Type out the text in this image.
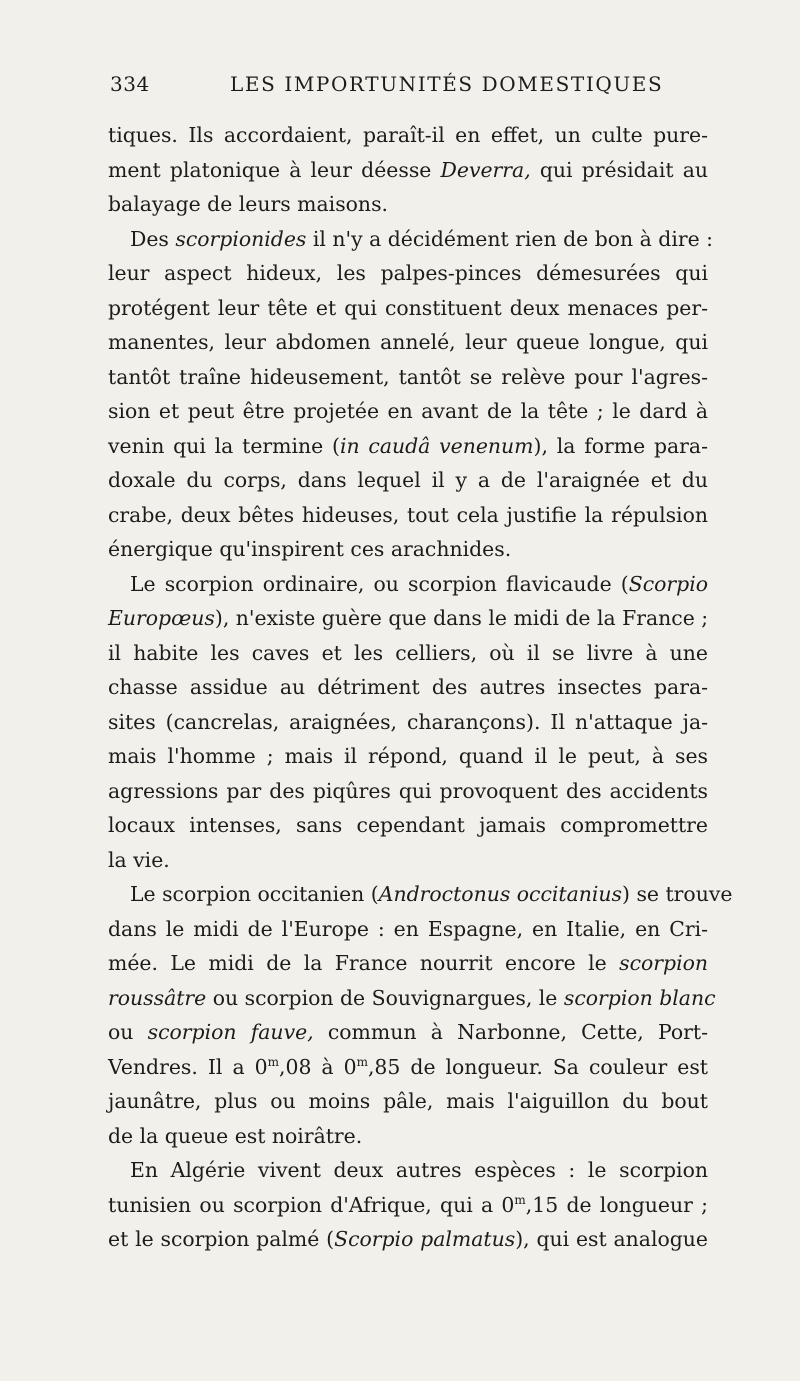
334	LES IMPORTUNITÉS DOMESTIQUES
tiques. Ils accordaient, paraît-il en effet, un culte pure-
ment platonique à leur déesse Deverra, qui présidait au
balayage de leurs maisons.
Des scorpionides il n'y a décidément rien de bon à dire :
leur aspect hideux, les palpes-pinces démesurées qui
protégent leur tête et qui constituent deux menaces per-
manentes, leur abdomen annelé, leur queue longue, qui
tantôt traîne hideusement, tantôt se relève pour l'agres-
sion et peut être projetée en avant de la tête ; le dard à
venin qui la termine (in caudâ venenum), la forme para-
doxale du corps, dans lequel il y a de l'araignée et du
crabe, deux bêtes hideuses, tout cela justifie la répulsion
énergique qu'inspirent ces arachnides.
Le scorpion ordinaire, ou scorpion flavicaude (Scorpio
Europœus), n'existe guère que dans le midi de la France ;
il habite les caves et les celliers, où il se livre à une
chasse assidue au détriment des autres insectes para-
sites (cancrelas, araignées, charançons). Il n'attaque ja-
mais l'homme ; mais il répond, quand il le peut, à ses
agressions par des piqûres qui provoquent des accidents
locaux intenses, sans cependant jamais compromettre
la vie.
Le scorpion occitanien (Androctonus occitanius) se trouve
dans le midi de l'Europe : en Espagne, en Italie, en Cri-
mée. Le midi de la France nourrit encore le scorpion
roussâtre ou scorpion de Souvignargues, le scorpion blanc
ou scorpion fauve, commun à Narbonne, Cette, Port-
Vendres. Il a 0$^m$,08 à 0$^m$,85 de longueur. Sa couleur est
jaunâtre, plus ou moins pâle, mais l'aiguillon du bout
de la queue est noirâtre.
En Algérie vivent deux autres espèces : le scorpion
tunisien ou scorpion d'Afrique, qui a 0$^m$,15 de longueur ;
et le scorpion palmé (Scorpio palmatus), qui est analogue
